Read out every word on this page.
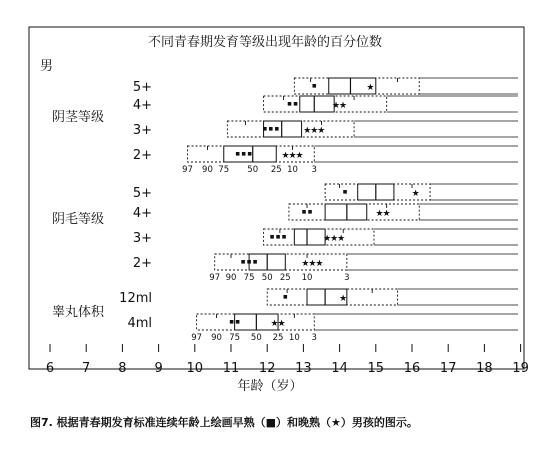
不同青春期发育等级出现年龄的百分位数
男
年龄（岁）
6 7 8 9 10 11 12 13 14 15 16 17 18 19
阴茎等级
5+	★
4+	★
★
3+	★
★
★
2+	★
★
★
97 90 75 50 25 10 3
阴毛等级
5+	★
4+	★
★
3+	★
★
★
2+	★
★
★
97 90 75 50 25 10	3
睾丸体积
12ml	★
4ml	★
★
97 90 75 50 25 10 3
图7. 根据青春期发育标准连续年龄上绘画早熟（■）和晚熟（★）男孩的图示。
